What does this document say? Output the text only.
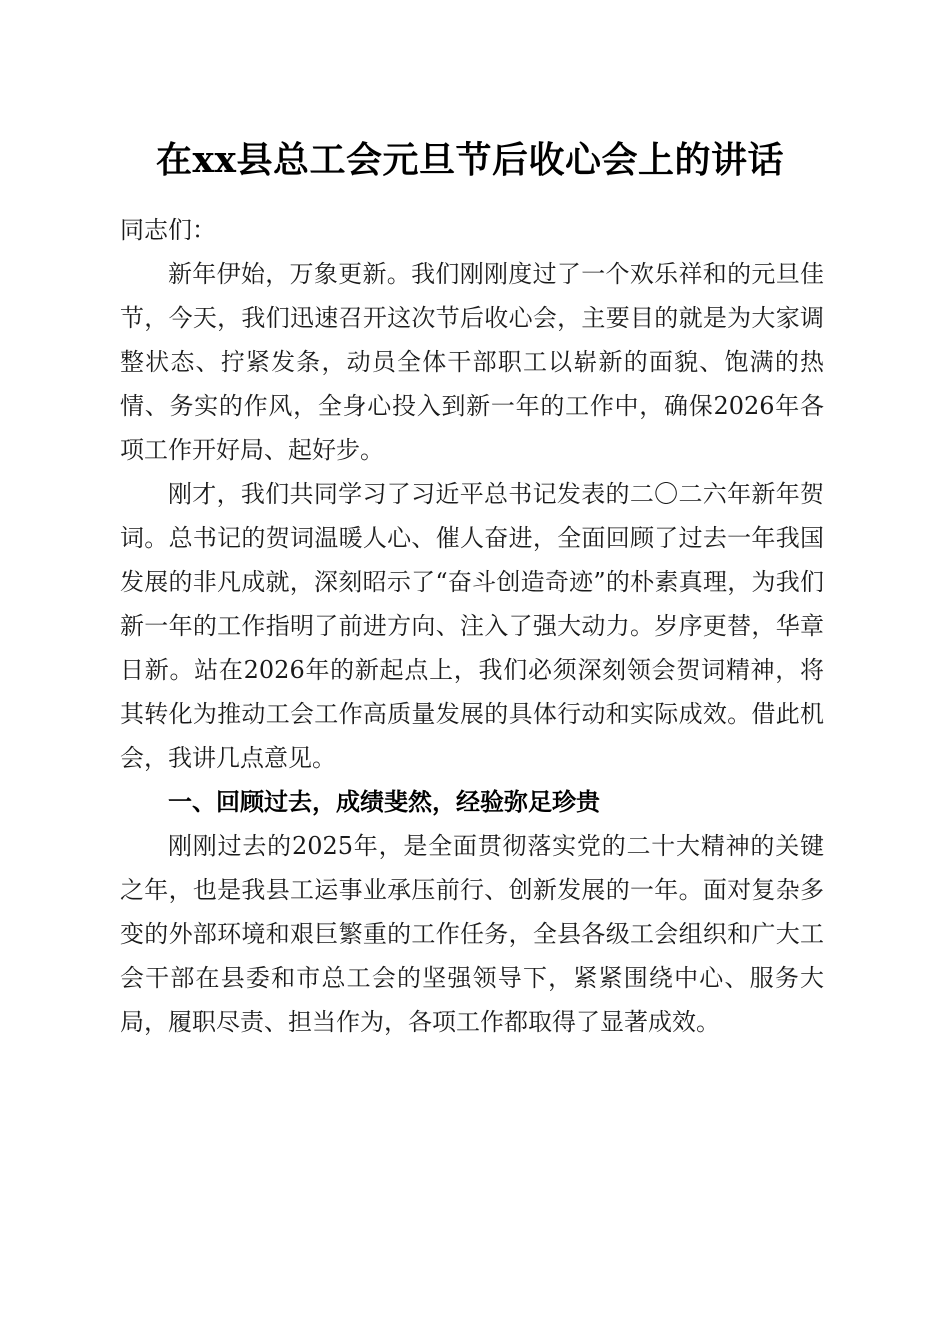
在xx县总工会元旦节后收心会上的讲话

同志们：

新年伊始，万象更新。我们刚刚度过了一个欢乐祥和的元旦佳节，今天，我们迅速召开这次节后收心会，主要目的就是为大家调整状态、拧紧发条，动员全体干部职工以崭新的面貌、饱满的热情、务实的作风，全身心投入到新一年的工作中，确保2026年各项工作开好局、起好步。

刚才，我们共同学习了习近平总书记发表的二〇二六年新年贺词。总书记的贺词温暖人心、催人奋进，全面回顾了过去一年我国发展的非凡成就，深刻昭示了“奋斗创造奇迹”的朴素真理，为我们新一年的工作指明了前进方向、注入了强大动力。岁序更替，华章日新。站在2026年的新起点上，我们必须深刻领会贺词精神，将其转化为推动工会工作高质量发展的具体行动和实际成效。借此机会，我讲几点意见。

一、回顾过去，成绩斐然，经验弥足珍贵

刚刚过去的2025年，是全面贯彻落实党的二十大精神的关键之年，也是我县工运事业承压前行、创新发展的一年。面对复杂多变的外部环境和艰巨繁重的工作任务，全县各级工会组织和广大工会干部在县委和市总工会的坚强领导下，紧紧围绕中心、服务大局，履职尽责、担当作为，各项工作都取得了显著成效。
